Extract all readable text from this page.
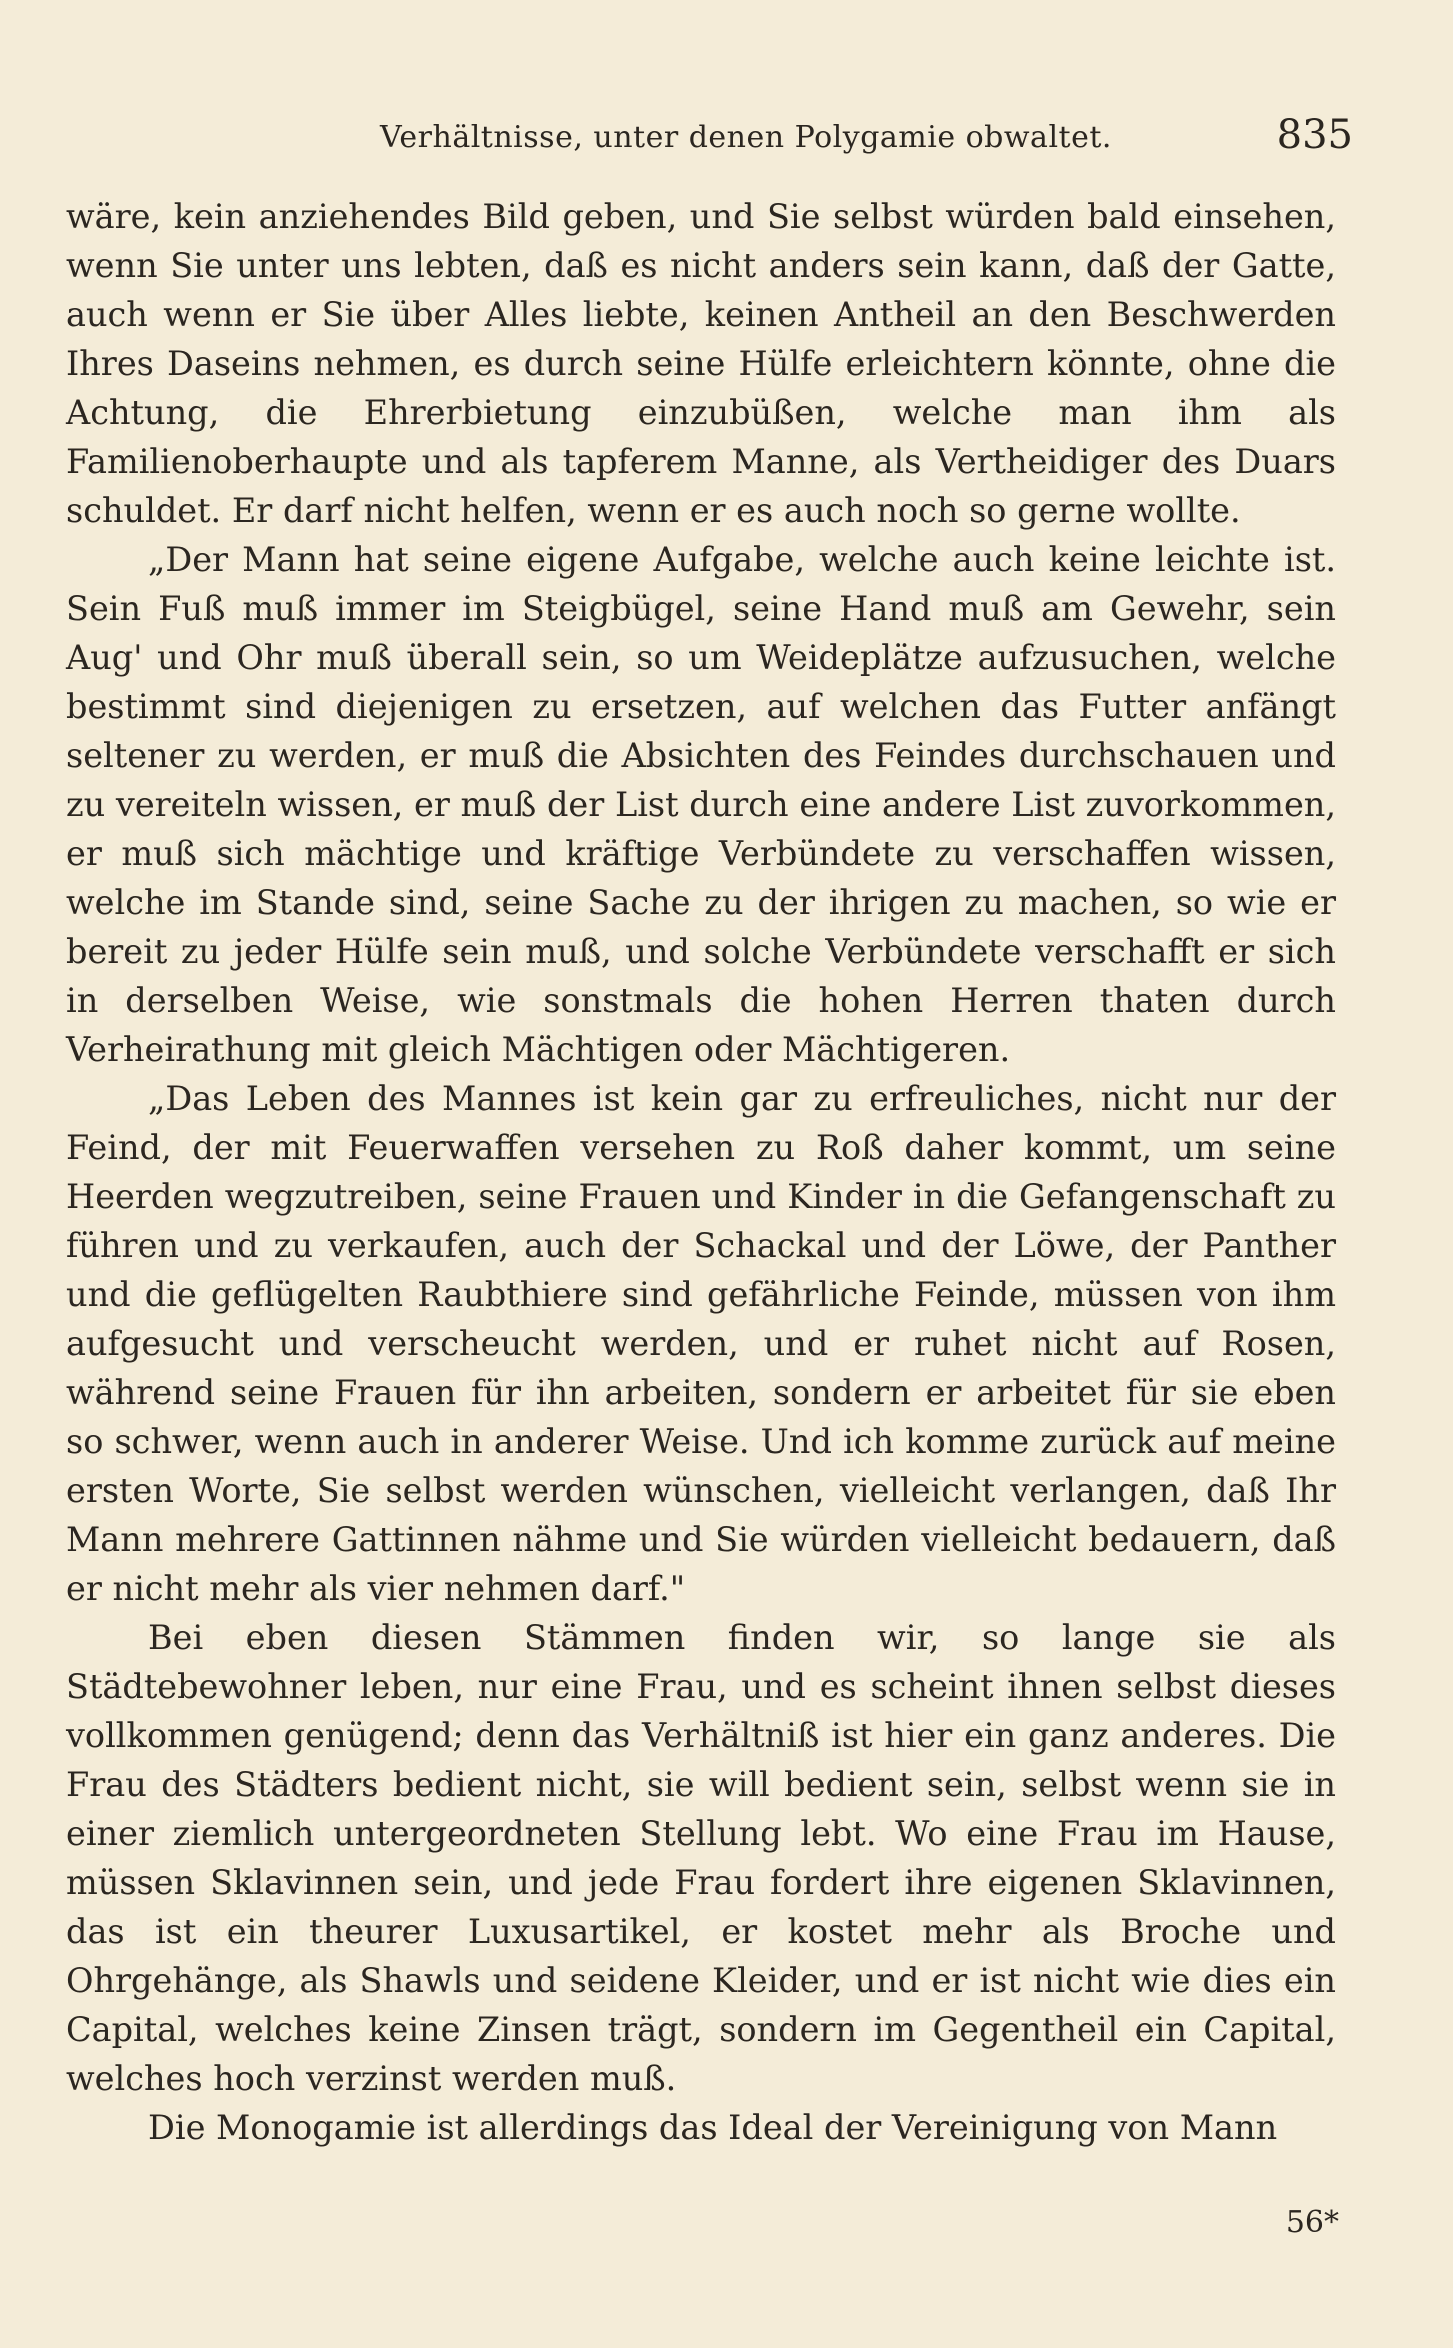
Verhältnisse, unter denen Polygamie obwaltet.	835

wäre, kein anziehendes Bild geben, und Sie selbst würden bald einsehen, wenn Sie unter uns lebten, daß es nicht anders sein kann, daß der Gatte, auch wenn er Sie über Alles liebte, keinen Antheil an den Beschwerden Ihres Daseins nehmen, es durch seine Hülfe erleichtern könnte, ohne die Achtung, die Ehrerbietung einzubüßen, welche man ihm als Familienoberhaupte und als tapferem Manne, als Vertheidiger des Duars schuldet. Er darf nicht helfen, wenn er es auch noch so gerne wollte.

„Der Mann hat seine eigene Aufgabe, welche auch keine leichte ist. Sein Fuß muß immer im Steigbügel, seine Hand muß am Gewehr, sein Aug' und Ohr muß überall sein, so um Weideplätze aufzusuchen, welche bestimmt sind diejenigen zu ersetzen, auf welchen das Futter anfängt seltener zu werden, er muß die Absichten des Feindes durchschauen und zu vereiteln wissen, er muß der List durch eine andere List zuvorkommen, er muß sich mächtige und kräftige Verbündete zu verschaffen wissen, welche im Stande sind, seine Sache zu der ihrigen zu machen, so wie er bereit zu jeder Hülfe sein muß, und solche Verbündete verschafft er sich in derselben Weise, wie sonstmals die hohen Herren thaten durch Verheirathung mit gleich Mächtigen oder Mächtigeren.

„Das Leben des Mannes ist kein gar zu erfreuliches, nicht nur der Feind, der mit Feuerwaffen versehen zu Roß daher kommt, um seine Heerden wegzutreiben, seine Frauen und Kinder in die Gefangenschaft zu führen und zu verkaufen, auch der Schackal und der Löwe, der Panther und die geflügelten Raubthiere sind gefährliche Feinde, müssen von ihm aufgesucht und verscheucht werden, und er ruhet nicht auf Rosen, während seine Frauen für ihn arbeiten, sondern er arbeitet für sie eben so schwer, wenn auch in anderer Weise. Und ich komme zurück auf meine ersten Worte, Sie selbst werden wünschen, vielleicht verlangen, daß Ihr Mann mehrere Gattinnen nähme und Sie würden vielleicht bedauern, daß er nicht mehr als vier nehmen darf."

Bei eben diesen Stämmen finden wir, so lange sie als Städtebewohner leben, nur eine Frau, und es scheint ihnen selbst dieses vollkommen genügend; denn das Verhältniß ist hier ein ganz anderes. Die Frau des Städters bedient nicht, sie will bedient sein, selbst wenn sie in einer ziemlich untergeordneten Stellung lebt. Wo eine Frau im Hause, müssen Sklavinnen sein, und jede Frau fordert ihre eigenen Sklavinnen, das ist ein theurer Luxusartikel, er kostet mehr als Broche und Ohrgehänge, als Shawls und seidene Kleider, und er ist nicht wie dies ein Capital, welches keine Zinsen trägt, sondern im Gegentheil ein Capital, welches hoch verzinst werden muß.

Die Monogamie ist allerdings das Ideal der Vereinigung von Mann

56*
